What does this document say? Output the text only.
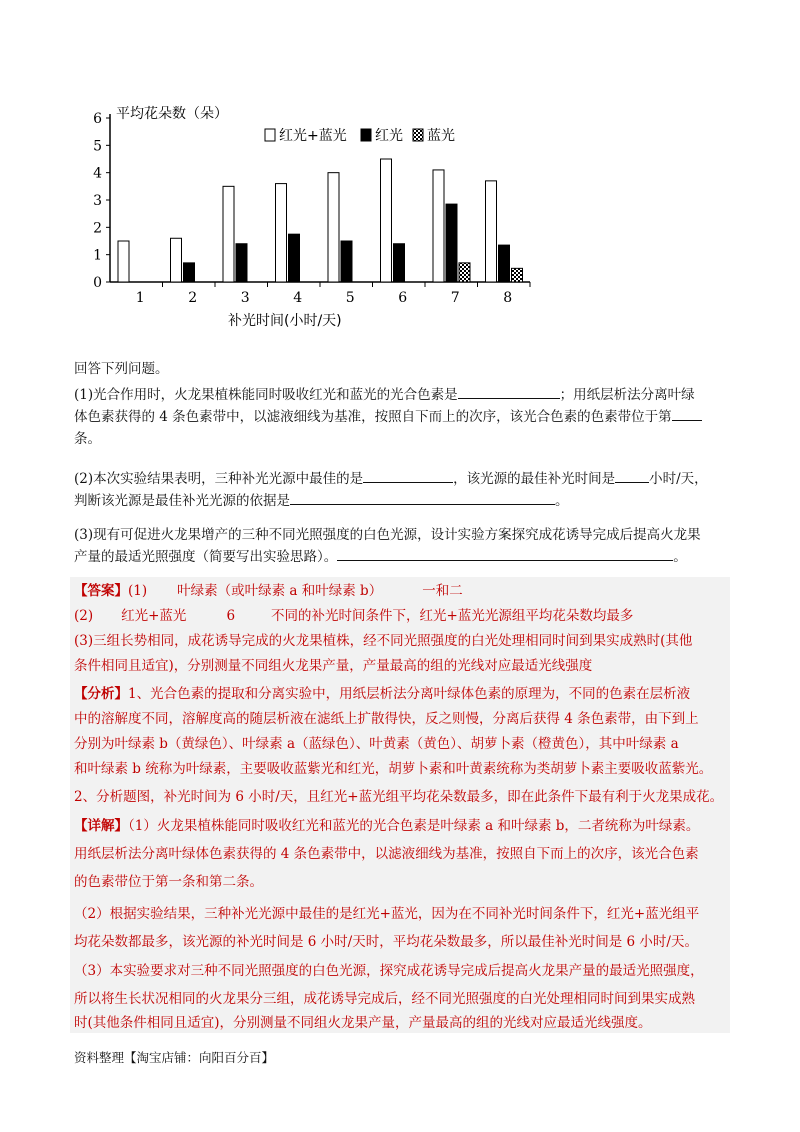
0
1
2
3
4
5
6
1	2	3	4	5	6	7	8
红光+蓝光 红光 蓝光
平均花朵数（朵）
补光时间(小时/天)
回答下列问题。
(1)光合作用时，火龙果植株能同时吸收红光和蓝光的光合色素是	；用纸层析法分离叶绿
体色素获得的 4 条色素带中，以滤液细线为基准，按照自下而上的次序，该光合色素的色素带位于第
条。
(2)本次实验结果表明，三种补光光源中最佳的是	，该光源的最佳补光时间是	小时/天，
判断该光源是最佳补光光源的依据是	。
(3)现有可促进火龙果增产的三种不同光照强度的白色光源，设计实验方案探究成花诱导完成后提高火龙果
产量的最适光照强度（简要写出实验思路）。	。
【答案】(1) 叶绿素（或叶绿素 a 和叶绿素 b）	一和二
(2) 红光+蓝光	6	不同的补光时间条件下，红光+蓝光光源组平均花朵数均最多
(3)三组长势相同，成花诱导完成的火龙果植株，经不同光照强度的白光处理相同时间到果实成熟时(其他
条件相同且适宜)，分别测量不同组火龙果产量，产量最高的组的光线对应最适光线强度
【分析】1、光合色素的提取和分离实验中，用纸层析法分离叶绿体色素的原理为，不同的色素在层析液
中的溶解度不同，溶解度高的随层析液在滤纸上扩散得快，反之则慢，分离后获得 4 条色素带，由下到上
分别为叶绿素 b（黄绿色）、叶绿素 a（蓝绿色）、叶黄素（黄色）、胡萝卜素（橙黄色），其中叶绿素 a
和叶绿素 b 统称为叶绿素，主要吸收蓝紫光和红光，胡萝卜素和叶黄素统称为类胡萝卜素主要吸收蓝紫光。
2、分析题图，补光时间为 6 小时/天，且红光+蓝光组平均花朵数最多，即在此条件下最有利于火龙果成花。
【详解】（1）火龙果植株能同时吸收红光和蓝光的光合色素是叶绿素 a 和叶绿素 b，二者统称为叶绿素。
用纸层析法分离叶绿体色素获得的 4 条色素带中，以滤液细线为基准，按照自下而上的次序，该光合色素
的色素带位于第一条和第二条。
（2）根据实验结果，三种补光光源中最佳的是红光+蓝光，因为在不同补光时间条件下，红光+蓝光组平
均花朵数都最多，该光源的补光时间是 6 小时/天时，平均花朵数最多，所以最佳补光时间是 6 小时/天。
（3）本实验要求对三种不同光照强度的白色光源，探究成花诱导完成后提高火龙果产量的最适光照强度，
所以将生长状况相同的火龙果分三组，成花诱导完成后，经不同光照强度的白光处理相同时间到果实成熟
时(其他条件相同且适宜)，分别测量不同组火龙果产量，产量最高的组的光线对应最适光线强度。
资料整理【淘宝店铺：向阳百分百】
